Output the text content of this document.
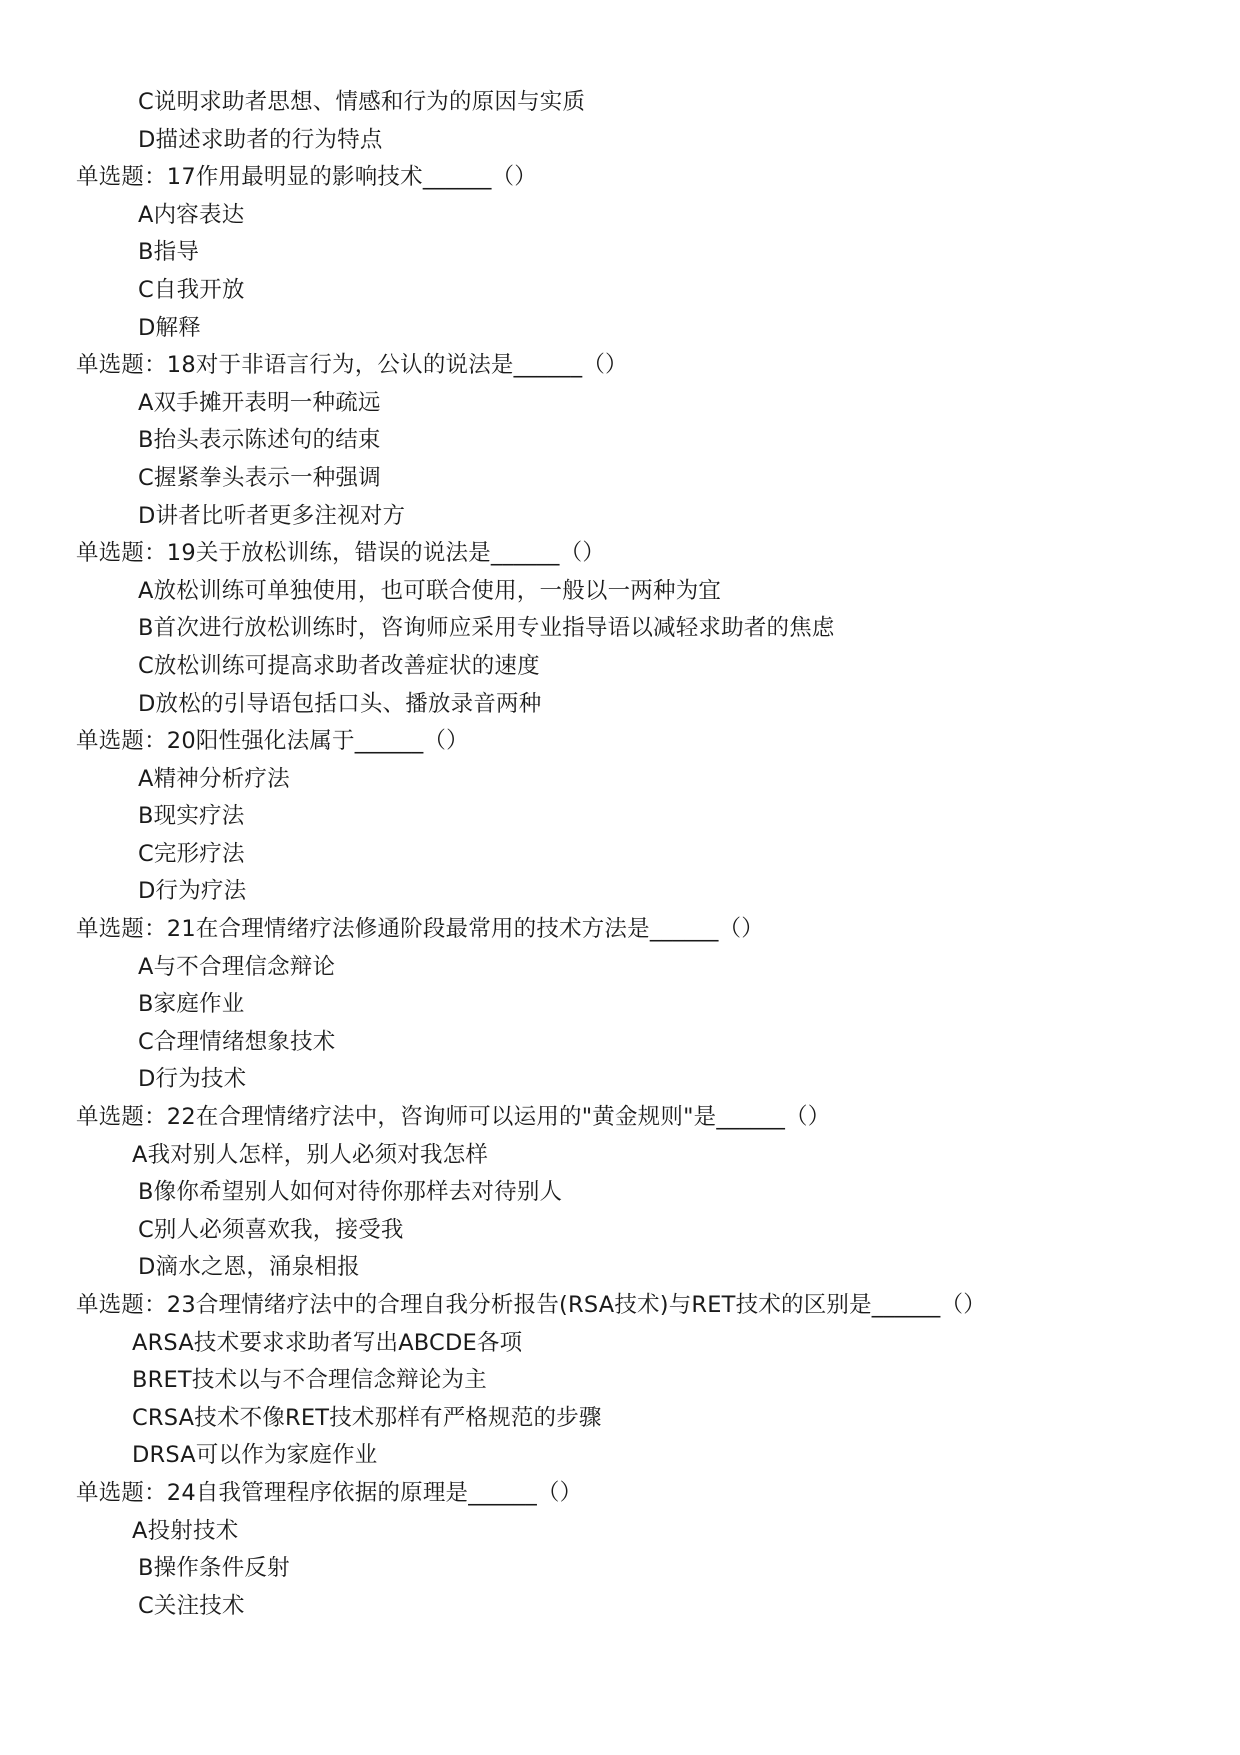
C说明求助者思想、情感和行为的原因与实质
D描述求助者的行为特点
单选题：17作用最明显的影响技术______（）
A内容表达
B指导
C自我开放
D解释
单选题：18对于非语言行为，公认的说法是______（）
A双手摊开表明一种疏远
B抬头表示陈述句的结束
C握紧拳头表示一种强调
D讲者比听者更多注视对方
单选题：19关于放松训练，错误的说法是______（）
A放松训练可单独使用，也可联合使用，一般以一两种为宜
B首次进行放松训练时，咨询师应采用专业指导语以减轻求助者的焦虑
C放松训练可提高求助者改善症状的速度
D放松的引导语包括口头、播放录音两种
单选题：20阳性强化法属于______（）
A精神分析疗法
B现实疗法
C完形疗法
D行为疗法
单选题：21在合理情绪疗法修通阶段最常用的技术方法是______（）
A与不合理信念辩论
B家庭作业
C合理情绪想象技术
D行为技术
单选题：22在合理情绪疗法中，咨询师可以运用的"黄金规则"是______（）
A我对别人怎样，别人必须对我怎样
B像你希望别人如何对待你那样去对待别人
C别人必须喜欢我，接受我
D滴水之恩，涌泉相报
单选题：23合理情绪疗法中的合理自我分析报告(RSA技术)与RET技术的区别是______（）
ARSA技术要求求助者写出ABCDE各项
BRET技术以与不合理信念辩论为主
CRSA技术不像RET技术那样有严格规范的步骤
DRSA可以作为家庭作业
单选题：24自我管理程序依据的原理是______（）
A投射技术
B操作条件反射
C关注技术
